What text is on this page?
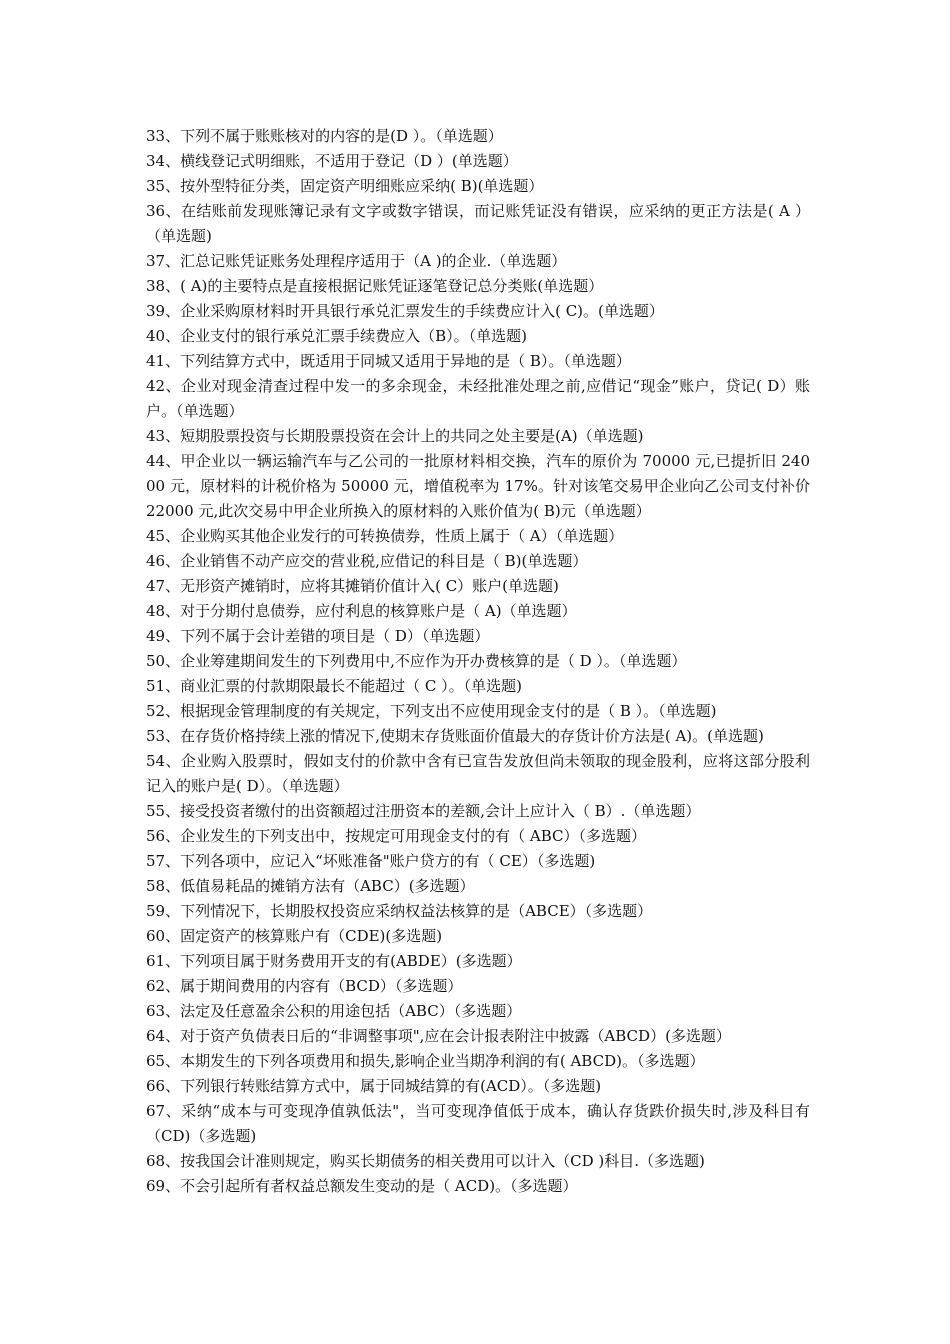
33、下列不属于账账核对的内容的是(D ）。（单选题）

34、横线登记式明细账，不适用于登记（D ）(单选题）

35、按外型特征分类，固定资产明细账应采纳( B)(单选题）

36、在结账前发现账簿记录有文字或数字错误，而记账凭证没有错误，应采纳的更正方法是( A ）（单选题)

37、汇总记账凭证账务处理程序适用于（A )的企业.（单选题）

38、( A)的主要特点是直接根据记账凭证逐笔登记总分类账(单选题）

39、企业采购原材料时开具银行承兑汇票发生的手续费应计入( C)。(单选题）

40、企业支付的银行承兑汇票手续费应入（B）。（单选题)

41、下列结算方式中，既适用于同城又适用于异地的是（ B）。（单选题）

42、企业对现金清查过程中发一的多余现金，未经批准处理之前,应借记“现金”账户，贷记( D）账户。（单选题）

43、短期股票投资与长期股票投资在会计上的共同之处主要是(A)（单选题)

44、甲企业以一辆运输汽车与乙公司的一批原材料相交换，汽车的原价为 70000 元,已提折旧 24000 元，原材料的计税价格为 50000 元，增值税率为 17%。针对该笔交易甲企业向乙公司支付补价 22000 元,此次交易中甲企业所换入的原材料的入账价值为( B)元（单选题）

45、企业购买其他企业发行的可转换债券，性质上属于（ A）（单选题）

46、企业销售不动产应交的营业税,应借记的科目是（ B)(单选题）

47、无形资产摊销时，应将其摊销价值计入( C）账户(单选题)

48、对于分期付息债券，应付利息的核算账户是（ A)（单选题）

49、下列不属于会计差错的项目是（ D）（单选题）

50、企业筹建期间发生的下列费用中,不应作为开办费核算的是（ D ）。（单选题）

51、商业汇票的付款期限最长不能超过（ C ）。（单选题)

52、根据现金管理制度的有关规定，下列支出不应使用现金支付的是（ B ）。（单选题)

53、在存货价格持续上涨的情况下,使期末存货账面价值最大的存货计价方法是( A)。(单选题)

54、企业购入股票时，假如支付的价款中含有已宣告发放但尚未领取的现金股利，应将这部分股利记入的账户是( D）。（单选题）

55、接受投资者缴付的出资额超过注册资本的差额,会计上应计入（ B）.（单选题）

56、企业发生的下列支出中，按规定可用现金支付的有（ ABC）（多选题）

57、下列各项中，应记入“坏账准备"账户贷方的有（ CE）（多选题)

58、低值易耗品的摊销方法有（ABC）(多选题）

59、下列情况下，长期股权投资应采纳权益法核算的是（ABCE）（多选题）

60、固定资产的核算账户有（CDE)(多选题)

61、下列项目属于财务费用开支的有(ABDE）(多选题）

62、属于期间费用的内容有（BCD）（多选题）

63、法定及任意盈余公积的用途包括（ABC）（多选题）

64、对于资产负债表日后的“非调整事项",应在会计报表附注中披露（ABCD）(多选题）

65、本期发生的下列各项费用和损失,影响企业当期净利润的有( ABCD)。（多选题）

66、下列银行转账结算方式中，属于同城结算的有(ACD）。（多选题)

67、采纳“成本与可变现净值孰低法"，当可变现净值低于成本，确认存货跌价损失时,涉及科目有（CD)（多选题)

68、按我国会计准则规定，购买长期债务的相关费用可以计入（CD )科目.（多选题)

69、不会引起所有者权益总额发生变动的是（ ACD)。（多选题）
